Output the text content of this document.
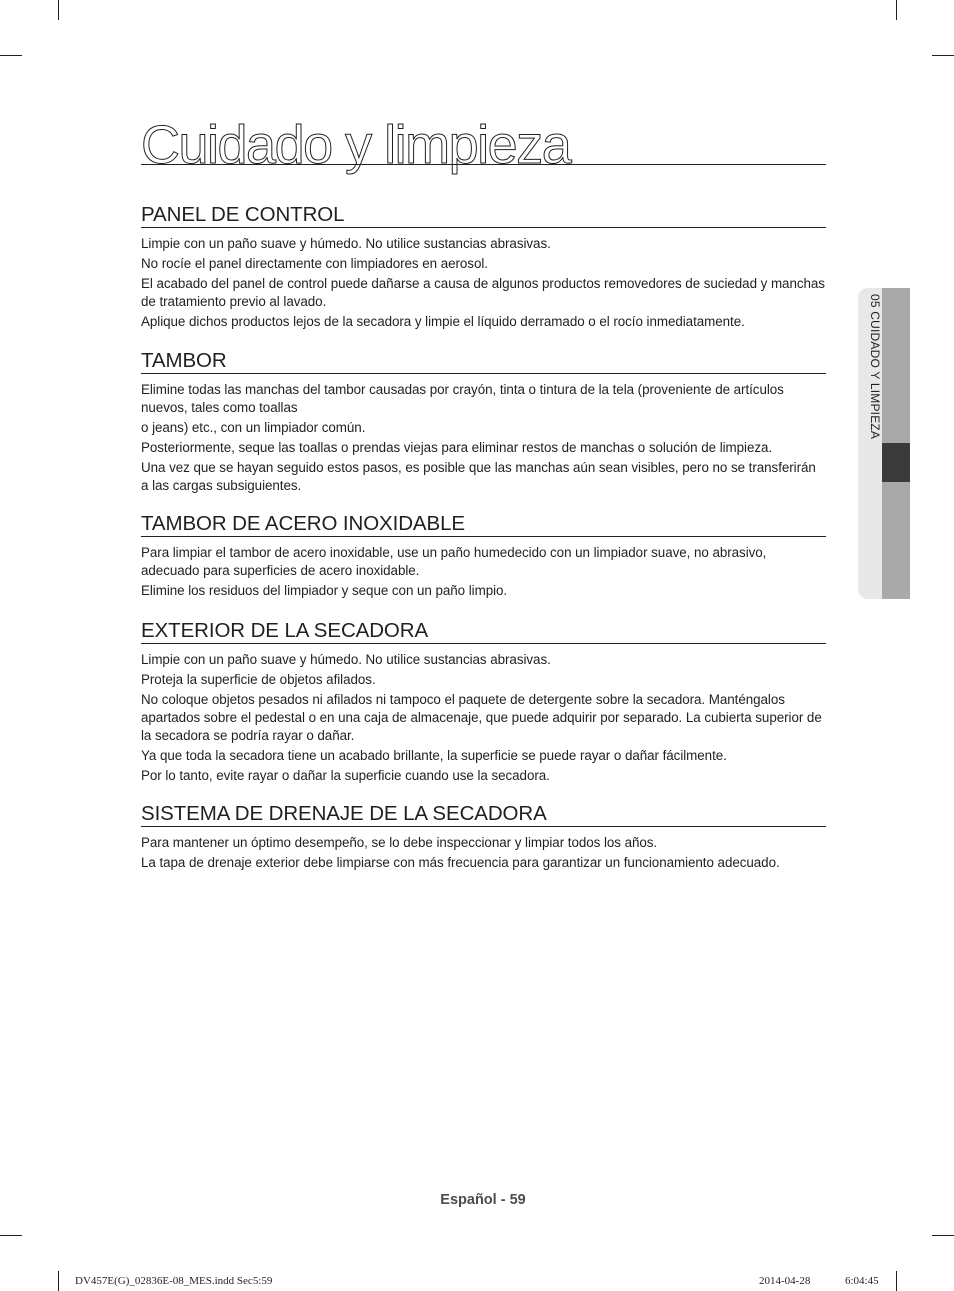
Cuidado y limpieza
PANEL DE CONTROL

Limpie con un paño suave y húmedo. No utilice sustancias abrasivas.

No rocíe el panel directamente con limpiadores en aerosol.

El acabado del panel de control puede dañarse a causa de algunos productos removedores de suciedad y manchas de tratamiento previo al lavado.

Aplique dichos productos lejos de la secadora y limpie el líquido derramado o el rocío inmediatamente.

TAMBOR

Elimine todas las manchas del tambor causadas por crayón, tinta o tintura de la tela (proveniente de artículos nuevos, tales como toallas

o jeans) etc., con un limpiador común.

Posteriormente, seque las toallas o prendas viejas para eliminar restos de manchas o solución de limpieza.

Una vez que se hayan seguido estos pasos, es posible que las manchas aún sean visibles, pero no se transferirán a las cargas subsiguientes.

TAMBOR DE ACERO INOXIDABLE

Para limpiar el tambor de acero inoxidable, use un paño humedecido con un limpiador suave, no abrasivo, adecuado para superficies de acero inoxidable.

Elimine los residuos del limpiador y seque con un paño limpio.

EXTERIOR DE LA SECADORA

Limpie con un paño suave y húmedo. No utilice sustancias abrasivas.

Proteja la superficie de objetos afilados.

No coloque objetos pesados ni afilados ni tampoco el paquete de detergente sobre la secadora. Manténgalos apartados sobre el pedestal o en una caja de almacenaje, que puede adquirir por separado. La cubierta superior de la secadora se podría rayar o dañar.

Ya que toda la secadora tiene un acabado brillante, la superficie se puede rayar o dañar fácilmente.

Por lo tanto, evite rayar o dañar la superficie cuando use la secadora.

SISTEMA DE DRENAJE DE LA SECADORA

Para mantener un óptimo desempeño, se lo debe inspeccionar y limpiar todos los años.

La tapa de drenaje exterior debe limpiarse con más frecuencia para garantizar un funcionamiento adecuado.

05 CUIDADO Y LIMPIEZA
Español - 59
DV457E(G)_02836E-08_MES.indd Sec5:59	2014-04-28	6:04:45
